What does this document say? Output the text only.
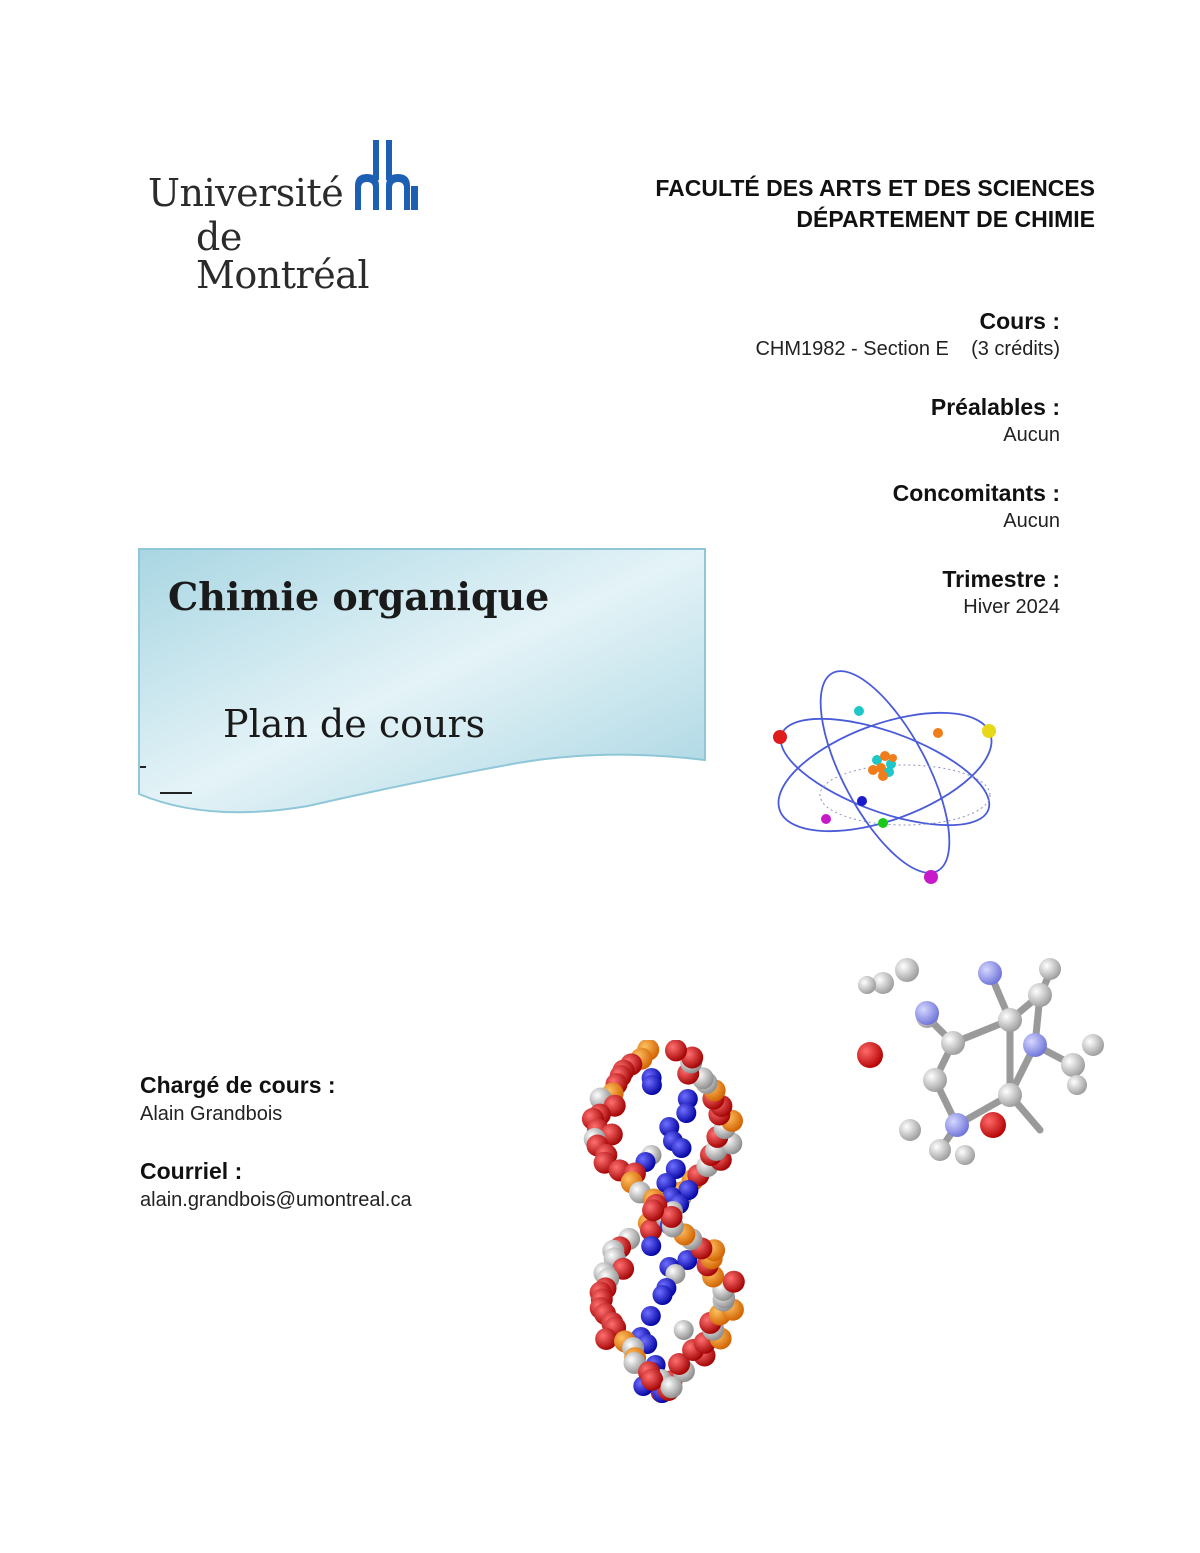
Université
de Montréal
FACULTÉ DES ARTS ET DES SCIENCES
DÉPARTEMENT DE CHIMIE
Cours :
CHM1982 - Section E    (3 crédits)
Préalables :
Aucun
Concomitants :
Aucun
Trimestre :
Hiver 2024
Chimie organique
Plan de cours
Chargé de cours :
Alain Grandbois
Courriel :
alain.grandbois@umontreal.ca
